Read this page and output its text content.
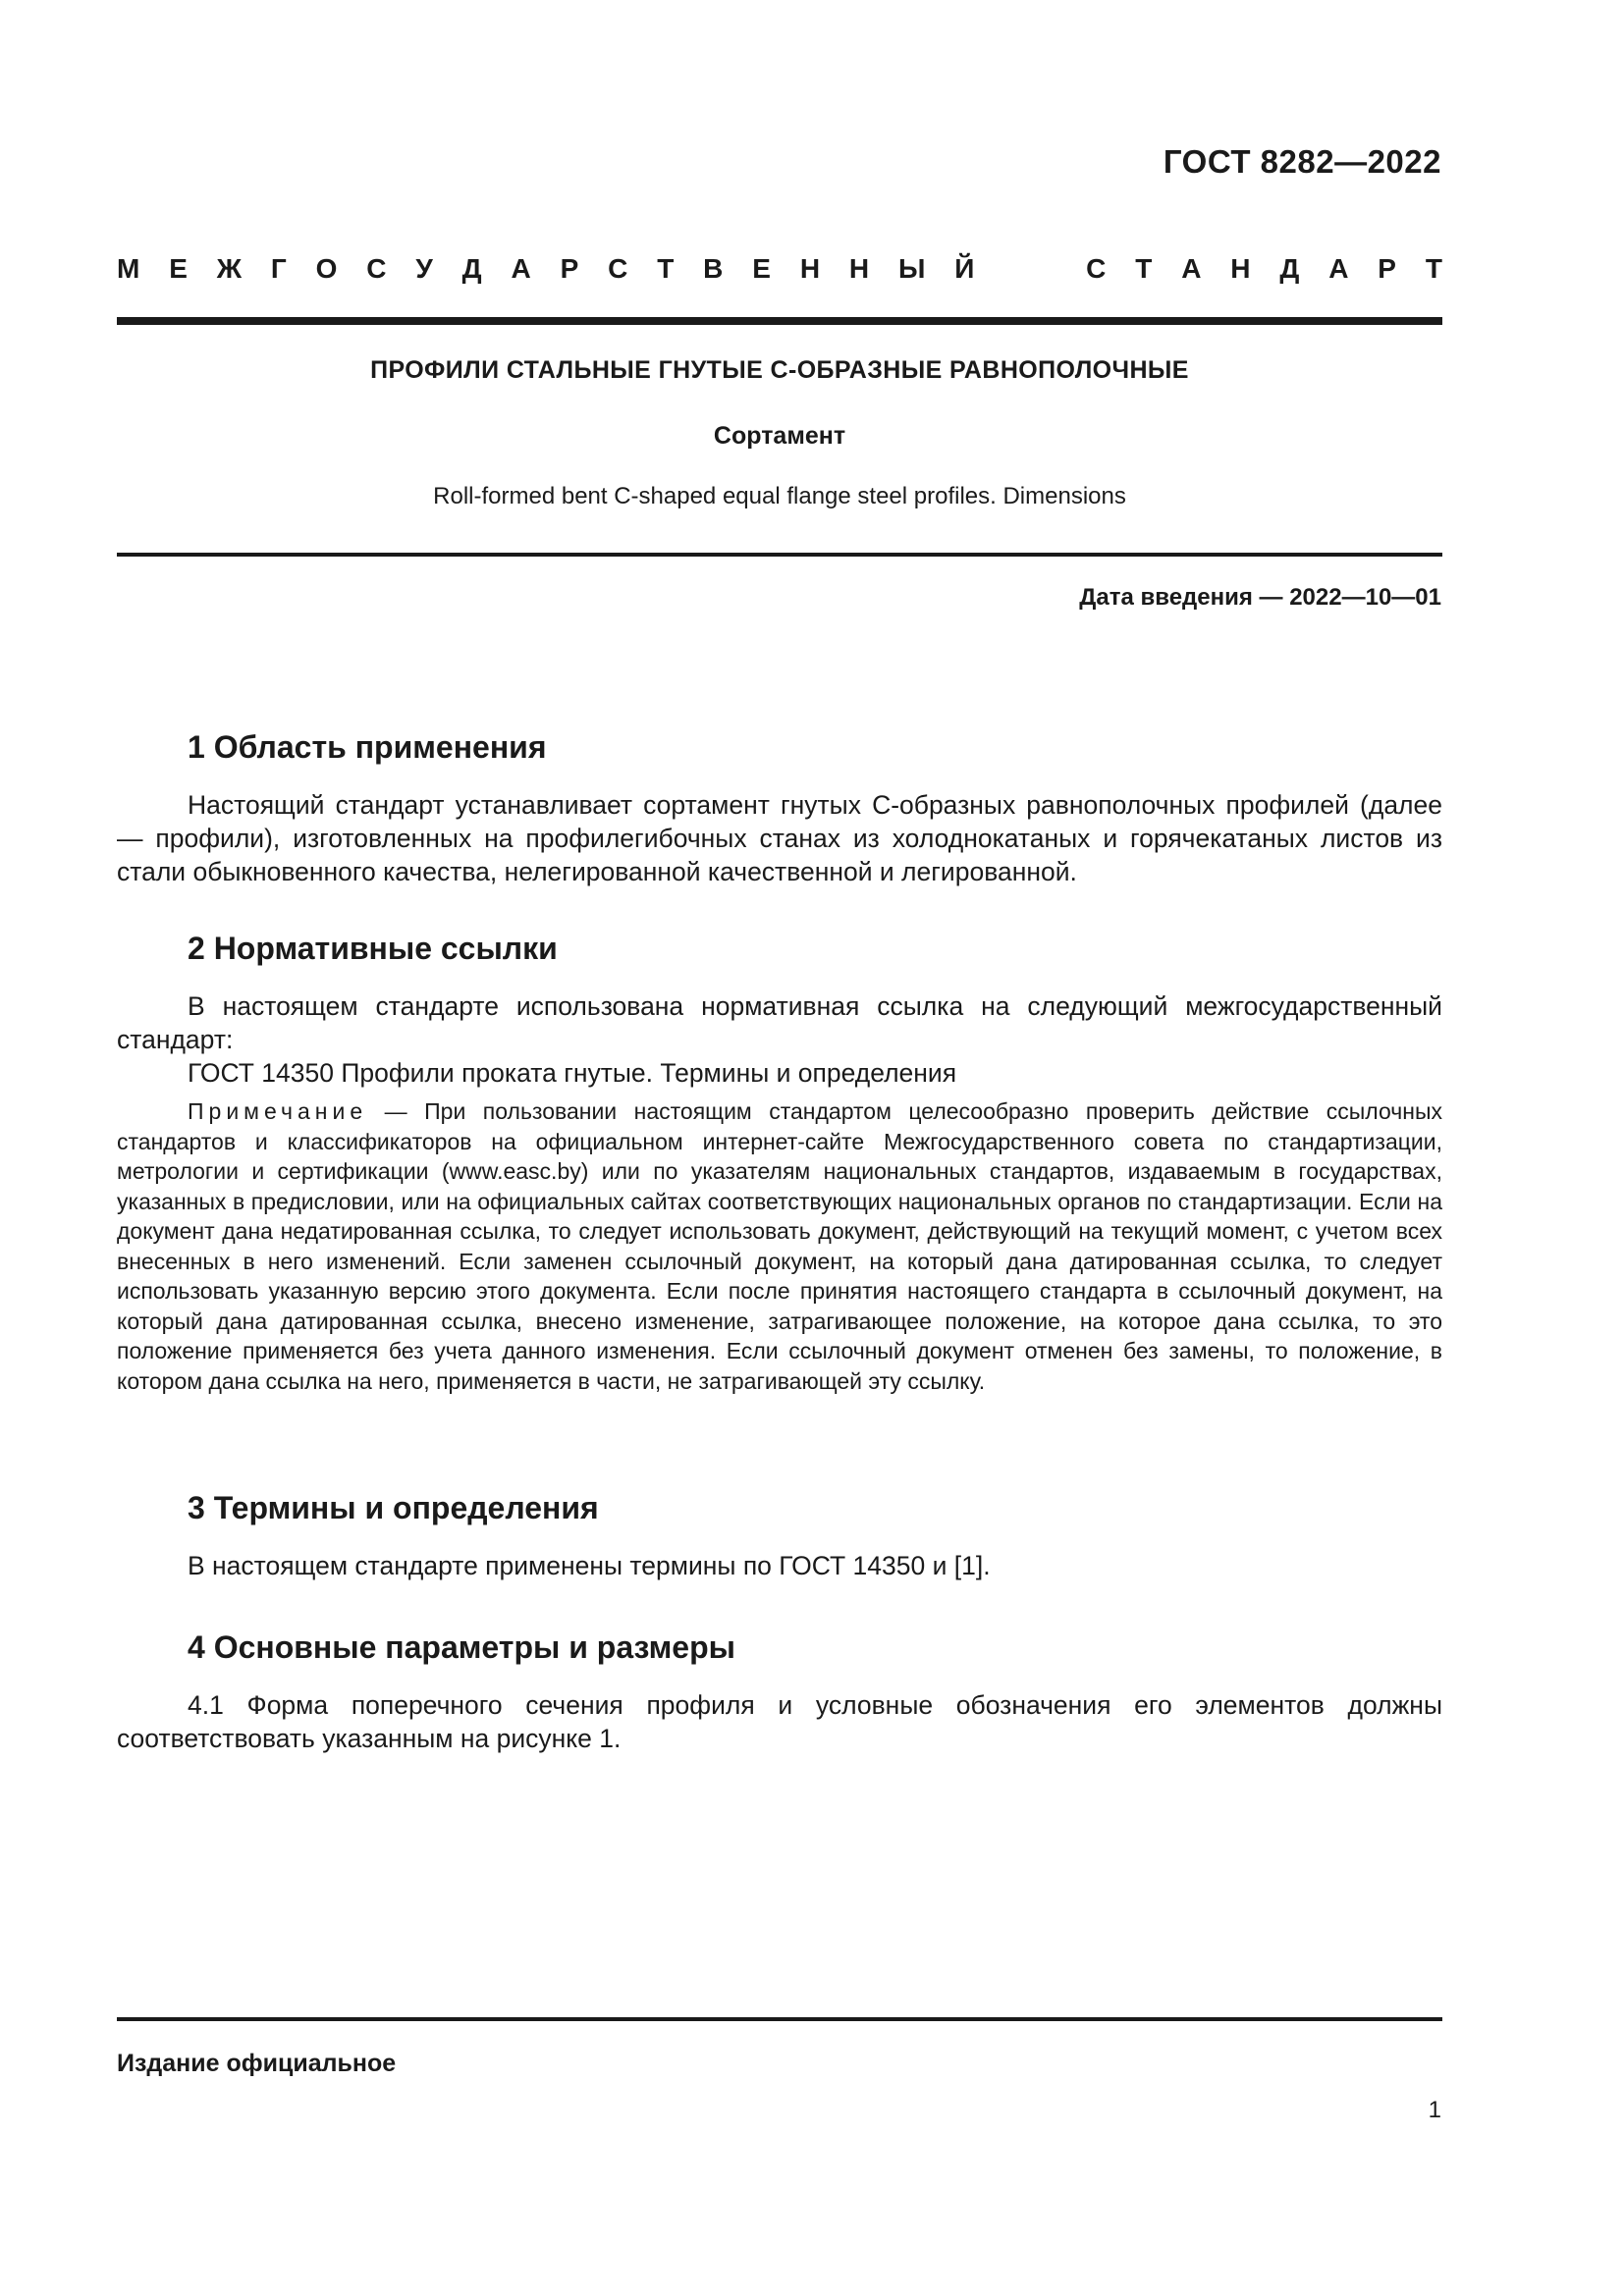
ГОСТ 8282—2022
М Е Ж Г О С У Д А Р С Т В Е Н Н Ы Й	С Т А Н Д А Р Т
ПРОФИЛИ СТАЛЬНЫЕ ГНУТЫЕ С-ОБРАЗНЫЕ РАВНОПОЛОЧНЫЕ
Сортамент
Roll-formed bent C-shaped equal flange steel profiles. Dimensions
Дата введения — 2022—10—01
1 Область применения

Настоящий стандарт устанавливает сортамент гнутых С-образных равнополочных профилей (далее — профили), изготовленных на профилегибочных станах из холоднокатаных и горячекатаных листов из стали обыкновенного качества, нелегированной качественной и легированной.

2 Нормативные ссылки

В настоящем стандарте использована нормативная ссылка на следующий межгосударственный стандарт:

ГОСТ 14350 Профили проката гнутые. Термины и определения

Примечание — При пользовании настоящим стандартом целесообразно проверить действие ссылочных стандартов и классификаторов на официальном интернет-сайте Межгосударственного совета по стандартизации, метрологии и сертификации (www.easc.by) или по указателям национальных стандартов, издаваемым в государствах, указанных в предисловии, или на официальных сайтах соответствующих национальных органов по стандартизации. Если на документ дана недатированная ссылка, то следует использовать документ, действующий на текущий момент, с учетом всех внесенных в него изменений. Если заменен ссылочный документ, на который дана датированная ссылка, то следует использовать указанную версию этого документа. Если после принятия настоящего стандарта в ссылочный документ, на который дана датированная ссылка, внесено изменение, затрагивающее положение, на которое дана ссылка, то это положение применяется без учета данного изменения. Если ссылочный документ отменен без замены, то положение, в котором дана ссылка на него, применяется в части, не затрагивающей эту ссылку.

3 Термины и определения

В настоящем стандарте применены термины по ГОСТ 14350 и [1].

4 Основные параметры и размеры

4.1 Форма поперечного сечения профиля и условные обозначения его элементов должны соответствовать указанным на рисунке 1.

Издание официальное
1
